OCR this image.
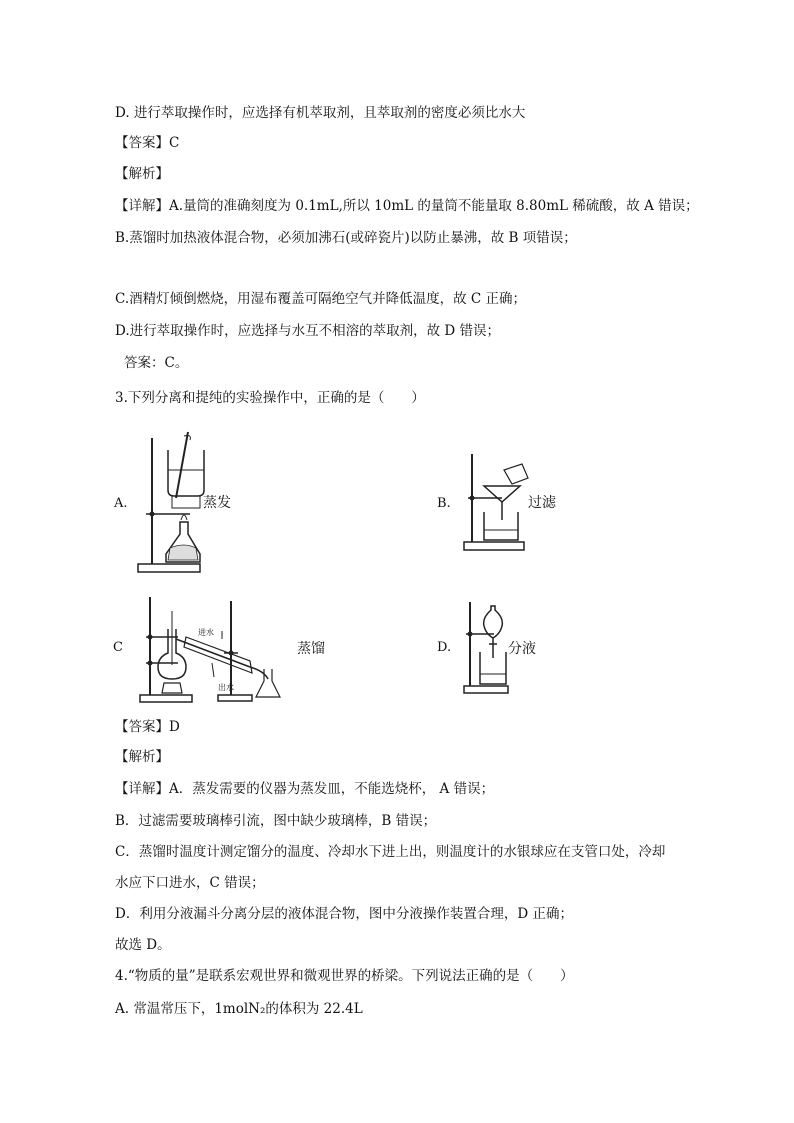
D. 进行萃取操作时，应选择有机萃取剂，且萃取剂的密度必须比水大
【答案】C
【解析】
【详解】A.量筒的准确刻度为 0.1mL,所以 10mL 的量筒不能量取 8.80mL 稀硫酸，故 A 错误；
B.蒸馏时加热液体混合物，必须加沸石(或碎瓷片)以防止暴沸，故 B 项错误；
C.酒精灯倾倒燃烧，用湿布覆盖可隔绝空气并降低温度，故 C 正确；
D.进行萃取操作时，应选择与水互不相溶的萃取剂，故 D 错误；
答案：C。
3.下列分离和提纯的实验操作中，正确的是（　　）
A.	蒸发	B.	过滤
C	蒸馏
进水
出水
D.	分液
【答案】D
【解析】
【详解】A．蒸发需要的仪器为蒸发皿，不能选烧杯， A 错误；
B．过滤需要玻璃棒引流，图中缺少玻璃棒，B 错误；
C．蒸馏时温度计测定馏分的温度、冷却水下进上出，则温度计的水银球应在支管口处，冷却
水应下口进水，C 错误；
D．利用分液漏斗分离分层的液体混合物，图中分液操作装置合理，D 正确；
故选 D。
4.“物质的量”是联系宏观世界和微观世界的桥梁。下列说法正确的是（　　）
A. 常温常压下，1molN₂的体积为 22.4L
